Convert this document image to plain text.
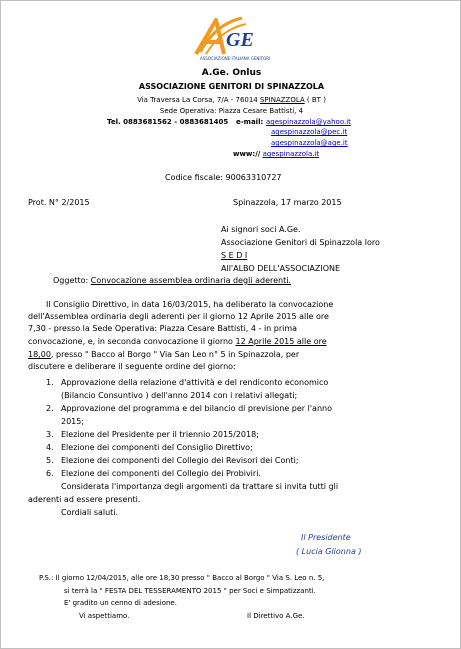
GE
ASSOCIAZIONE ITALIANA GENITORI
A.Ge. Onlus
ASSOCIAZIONE GENITORI DI SPINAZZOLA
Via Traversa La Corsa, 7/A - 76014 SPINAZZOLA ( BT )
Sede Operativa: Piazza Cesare Battisti, 4
Tel. 0883681562 - 0883681405 e-mail: agespinazzola@yahoo.it
agespinazzola@pec.it
agespinazzola@age.it
www:// agespinazzola.it
Codice fiscale: 90063310727
Prot. N° 2/2015	Spinazzola, 17 marzo 2015
Ai signori soci A.Ge.
Associazione Genitori di Spinazzola loro
S E D I
All'ALBO DELL'ASSOCIAZIONE
Oggetto: Convocazione assemblea ordinaria degli aderenti.
Il Consiglio Direttivo, in data 16/03/2015, ha deliberato la convocazione
dell'Assemblea ordinaria degli aderenti per il giorno 12 Aprile 2015 alle ore
7,30 - presso la Sede Operativa: Piazza Cesare Battisti, 4 - in prima
convocazione, e, in seconda convocazione il giorno 12 Aprile 2015 alle ore
18,00, presso " Bacco al Borgo " Via San Leo n° 5 in Spinazzola, per
discutere e deliberare il seguente ordine del giorno:
1. Approvazione della relazione d'attività e del rendiconto economico
(Bilancio Consuntivo ) dell'anno 2014 con i relativi allegati;
2. Approvazione del programma e del bilancio di previsione per l'anno
2015;
3. Elezione del Presidente per il triennio 2015/2018;
4. Elezione dei componenti del Consiglio Direttivo;
5. Elezione dei componenti del Collegio dei Revisori dei Conti;
6. Elezione dei componenti del Collegio dei Probiviri.
Considerata l'importanza degli argomenti da trattare si invita tutti gli
aderenti ad essere presenti.
Cordiali saluti.
Il Presidente
( Lucia Glionna )
P.S.: Il giorno 12/04/2015, alle ore 18,30 presso " Bacco al Borgo " Via S. Leo n. 5,
si terrà la " FESTA DEL TESSERAMENTO 2015 " per Soci e Simpatizzanti.
E' gradito un cenno di adesione.
Vi aspettiamo.	Il Direttivo A.Ge.
